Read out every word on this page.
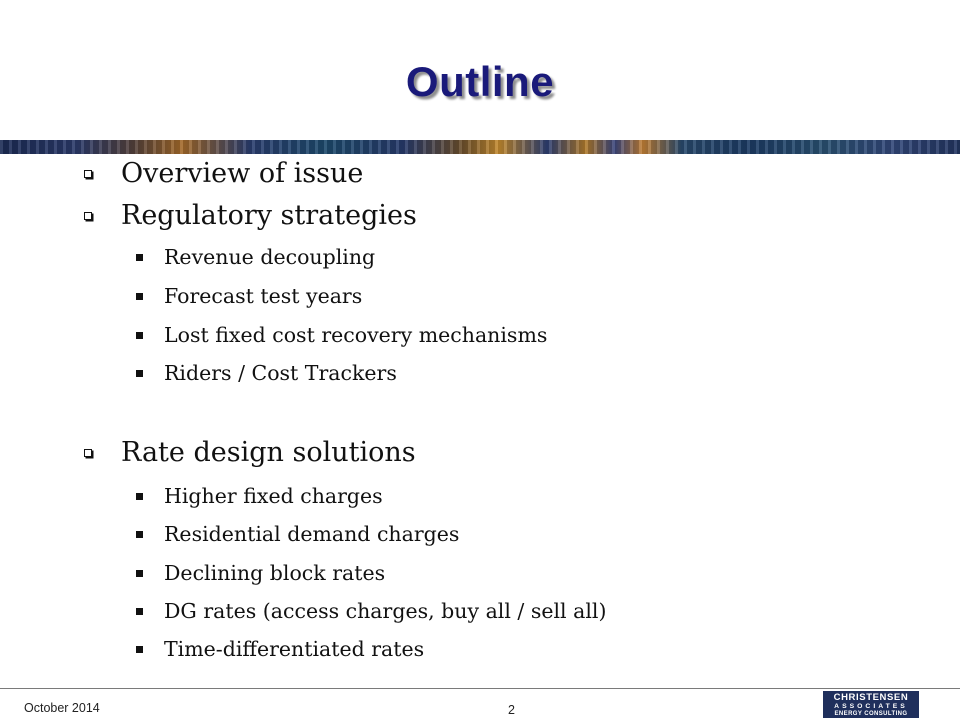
Outline
Overview of issue
Regulatory strategies
Revenue decoupling
Forecast test years
Lost fixed cost recovery mechanisms
Riders / Cost Trackers
Rate design solutions
Higher fixed charges
Residential demand charges
Declining block rates
DG rates (access charges, buy all / sell all)
Time-differentiated rates
October 2014	2
CHRISTENSEN
ASSOCIATES
ENERGY CONSULTING
